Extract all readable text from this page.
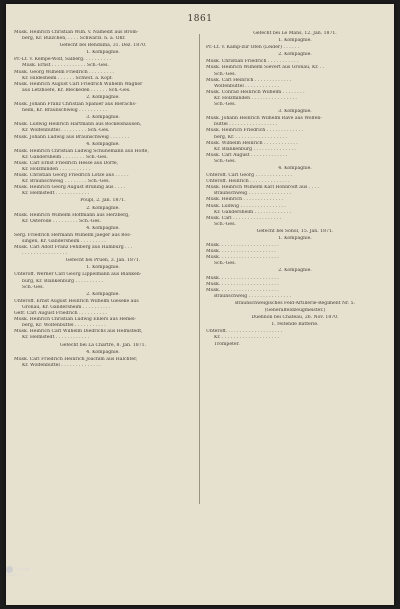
1861
Musk. Heinrich Christian Wilh. v. Namedit aus Brom-
berg, Kr. Bülzchen, . . . . Schwarzl. n. a. Ohr.
Gefecht bei Benduma, 31. Dez. 1870.
1. Kompagnie.
Pr.-Lt. v. Kempe-Wolf, Salberg. . . . . . . . . .
Musk. Ernst . . . . . . . . . . . . Sch.-Ges.
Musk. Georg Wilhelm Friedrich . . . . . . . . .
Kr. Hildesheim . . . . . . Schwst. a. Kopf.
Musk. Heinrich August Carl Friedrich Wilhelm Wagner
aus Letzhoefe, Kr. Bleckeden . . . . . . Sch.-Ges.
2. Kompagnie.
Musk. Johann Franz Christian Spanier aus Bierachs-
heim, Kr. Braunschweig . . . . . . . . . .
3. Kompagnie.
Musk. Ludwig Heinrich Hartmann aus Bockelshausen,
Kr. Wolfenbüttel . . . . . . . . . Sch.-Ges.
Musk. Johann Ludwig aus Braunschweig . . . . . . .
4. Kompagnie.
Musk. Heinrich Christian Ludwig Schünemann aus Holte,
Kr. Gandersheim . . . . . . . . Sch.-Ges.
Musk. Carl Ernst Friedrich Hesse aus Dorfe,
Kr. Holzminden . . . . . . . . . . .
Musk. Christian Georg Friedrich Lotze aus . . . . .
Kr. Braunschweig . . . . . . . . Sch.-Ges.
Musk. Heinrich Georg August Brüning aus . . . .
Kr. Helmstedt . . . . . . . . . . . .
Poupl, 2. Jan. 1871.
2. Kompagnie.
Musk. Heinrich Wilhelm Hoffmann aus Herzberg,
Kr. Osterode . . . . . . . . . Sch.-Ges.
4. Kompagnie.
Serg. Friedrich Hermann Wilhelm Jaeger aus Bös-
singen, Kr. Gandersheim . . . . . . . . .
Musk. Carl Adolf Franz Fehlberg aus Hamburg . . .
. . . . . . . . . . . . . . . .
Gefecht bei Pruen, 3. Jan. 1871.
1. Kompagnie.
Unteroff. Werner Carl Georg Lippelmann aus Blanken-
burg, Kr. Blankenburg . . . . . . . . . .
Sch.-Ges.
2. Kompagnie.
Unteroff. Ernst August Heinrich Wilhelm Gieseke aus
Gronau, Kr. Gandersheim . . . . . . . . . .
Gefr. Carl August Friedrich . . . . . . . . . .
Musk. Heinrich Christian Ludwig Ehlers aus Hemel-
berg, Kr. Wolfenbüttel . . . . . . . . . . .
Musk. Heinrich Carl Wilhelm Diedrichs aus Helmstedt,
Kr. Helmstedt . . . . . . . . . . . .
Gefecht bei La Chartre, 8. Jan. 1871.
4. Kompagnie.
Musk. Carl Friedrich Heinrich Joachim aus Halchter,
Kr. Wolfenbüttel . . . . . . . . . . . . . .
Gefecht bei Le Mans, 12. Jan. 1871.
1. Kompagnie.
Pr.-Lt. v. Kamp-zur Ofen (Leider) . . . . . .
2. Kompagnie.
Musk. Christian Friedrich . . . . . . . . . . .
Musk. Heinrich Wilhelm Sievert aus Gronau, Kr. . .
Sch.-Ges.
Musk. Carl Heinrich . . . . . . . . . . . . .
Wolfenbüttel . . . . . . . . . . . .
Musk. Conrad Heinrich Wilhelm . . . . . . . .
Kr. Holzminden . . . . . . . . . . . . . . . .
Sch.-Ges.
3. Kompagnie.
Musk. Johann Heinrich Wilhelm Rave aus Wolfen-
büttel . . . . . . . . . . . . . . . . .
Musk. Heinrich Friedrich . . . . . . . . . . . . .
berg, Kr. . . . . . . . . . . . . . . . . . .
Musk. Wilhelm Heinrich . . . . . . . . . . . .
Kr. Blankenburg . . . . . . . . . . . . . . .
Musk. Carl August . . . . . . . . . . . . .
Sch.-Ges.
4. Kompagnie.
Unteroff. Carl Georg . . . . . . . . . . . . .
Unteroff. Heinrich . . . . . . . . . . . . . .
Musk. Heinrich Wilhelm Karl Hohnrodt aus . . . .
Braunschweig . . . . . . . . . . . . . . .
Musk. Heinrich . . . . . . . . . . . . . .
Musk. Ludwig . . . . . . . . . . . . . . . .
Kr. Gandersheim . . . . . . . . . . . . .
Musk. Carl . . . . . . . . . . . . . . . . .
Sch.-Ges.
Gefecht bei Sonol, 15. Jan. 1871.
1. Kompagnie.
Musk. . . . . . . . . . . . . . . . . . . . .
Musk. . . . . . . . . . . . . . . . . . . .
Musk. . . . . . . . . . . . . . . . . . . . .
Sch.-Ges.
2. Kompagnie.
Musk. . . . . . . . . . . . . . . . . . . . .
Musk. . . . . . . . . . . . . . . . . . . . .
Musk. . . . . . . . . . . . . . . . . . . . .
Braunschweig . . . . . . . . . . . . . . .
Braunschweigisches Feld-Artillerie-Regiment Nr. 5.
(Generalfeldzeugmeister.)
Duennon bei Chateau, 26. Nov. 1870.
1. reitende Batterie.
Unteroff. . . . . . . . . . . . . . . . . . . .
Kr. . . . . . . . . . . . . . . . . . . . .
Trompeter.
Scientific
Library
